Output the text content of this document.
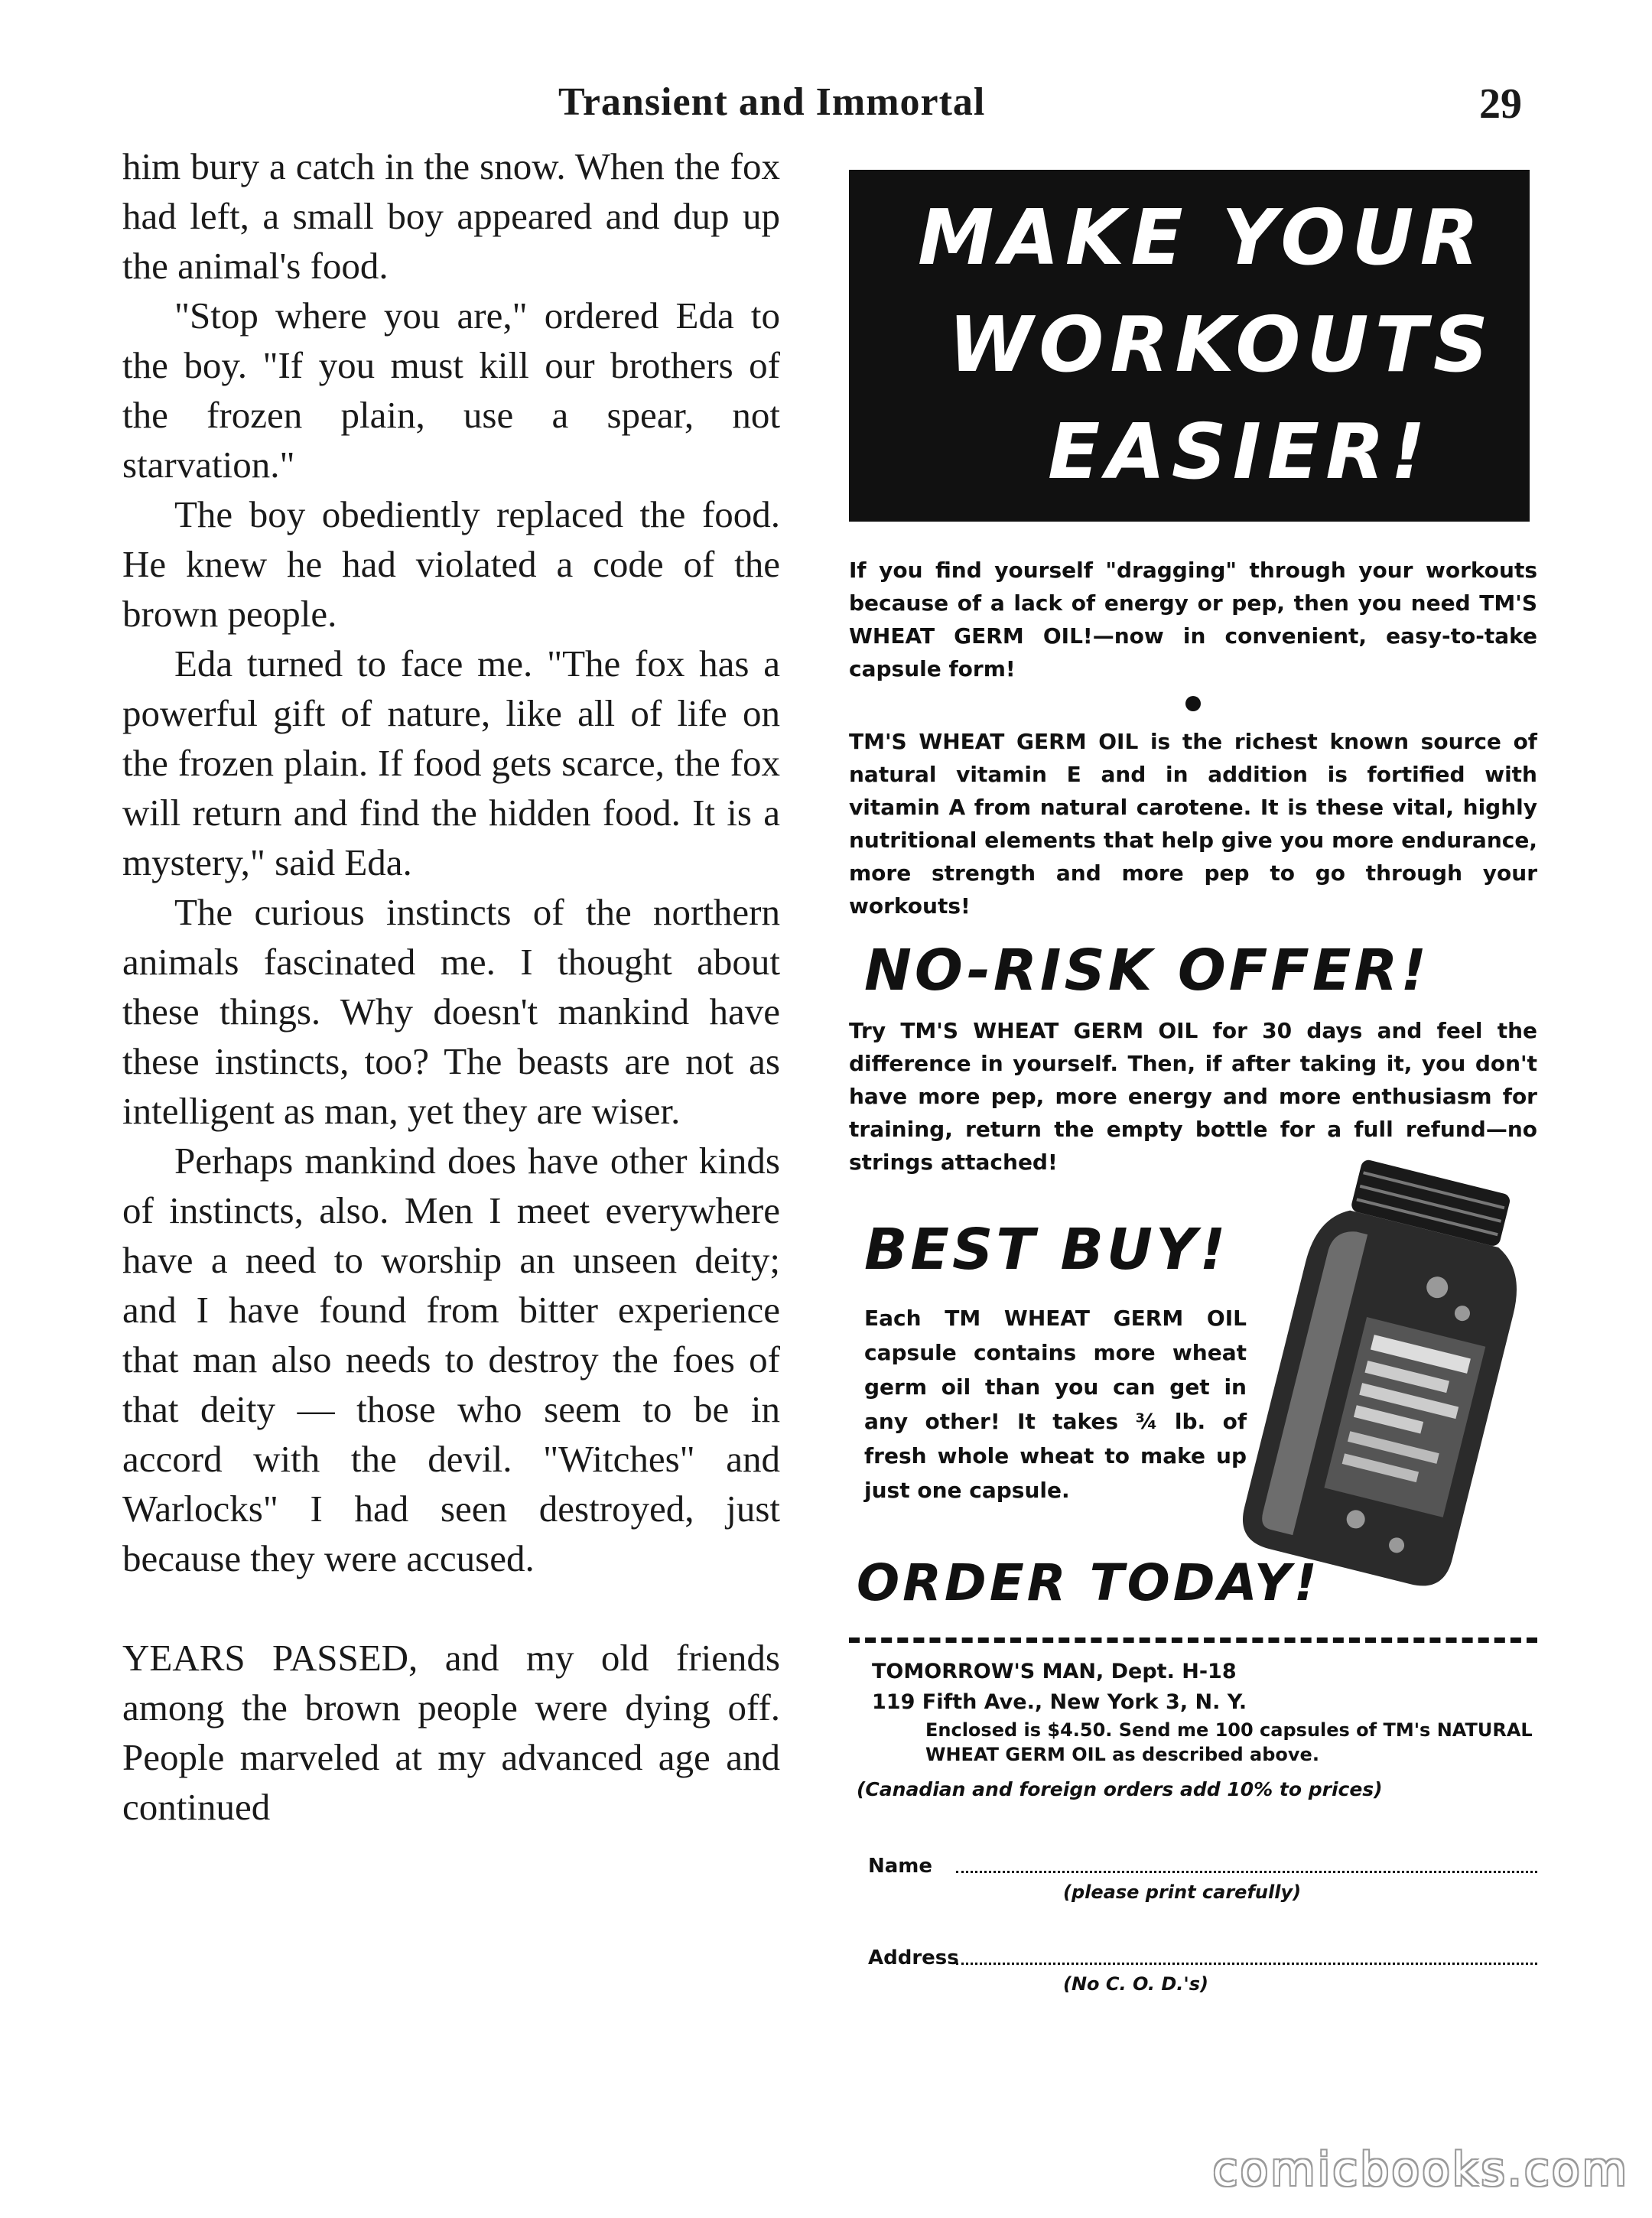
Transient and Immortal	29

him bury a catch in the snow. When the fox had left, a small boy appeared and dup up the animal's food.

"Stop where you are," ordered Eda to the boy. "If you must kill our brothers of the frozen plain, use a spear, not starvation."

The boy obediently replaced the food. He knew he had violated a code of the brown people.

Eda turned to face me. "The fox has a powerful gift of nature, like all of life on the frozen plain. If food gets scarce, the fox will return and find the hidden food. It is a mystery," said Eda.

The curious instincts of the northern animals fascinated me. I thought about these things. Why doesn't mankind have these instincts, too? The beasts are not as intelligent as man, yet they are wiser.

Perhaps mankind does have other kinds of instincts, also. Men I meet everywhere have a need to worship an unseen deity; and I have found from bitter experience that man also needs to destroy the foes of that deity — those who seem to be in accord with the devil. "Witches" and Warlocks" I had seen destroyed, just because they were accused.

YEARS PASSED, and my old friends among the brown people were dying off. People marveled at my advanced age and continued

MAKE YOUR
WORKOUTS
EASIER!

If you find yourself "dragging" through your workouts because of a lack of energy or pep, then you need TM'S WHEAT GERM OIL!—now in convenient, easy-to-take capsule form!

TM'S WHEAT GERM OIL is the richest known source of natural vitamin E and in addition is fortified with vitamin A from natural carotene. It is these vital, highly nutritional elements that help give you more endurance, more strength and more pep to go through your workouts!

NO-RISK OFFER!

Try TM'S WHEAT GERM OIL for 30 days and feel the difference in yourself. Then, if after taking it, you don't have more pep, more energy and more enthusiasm for training, return the empty bottle for a full refund—no strings attached!

BEST BUY!

Each TM WHEAT GERM OIL capsule contains more wheat germ oil than you can get in any other! It takes ¾ lb. of fresh whole wheat to make up just one capsule.

ORDER TODAY!
TOMORROW'S MAN, Dept. H-18
119 Fifth Ave., New York 3, N. Y.
Enclosed is $4.50. Send me 100 capsules of TM's NATURAL WHEAT GERM OIL as described above.
(Canadian and foreign orders add 10% to prices)
Name
(please print carefully)
Address
(No C. O. D.'s)
comicbooks.com
